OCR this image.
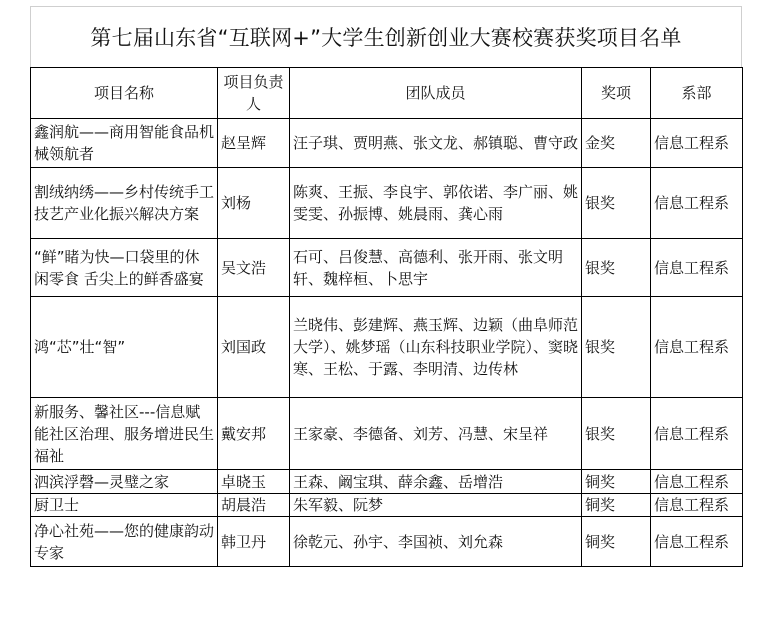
第七届山东省“互联网+”大学生创新创业大赛校赛获奖项目名单
项目名称	项目负责人	团队成员	奖项	系部
鑫润航——商用智能食品机械领航者	赵呈辉	汪子琪、贾明燕、张文龙、郝镇聪、曹守政	金奖	信息工程系
割绒纳绣——乡村传统手工技艺产业化振兴解决方案	刘杨	陈爽、王振、李良宇、郭依诺、李广丽、姚雯雯、孙振博、姚晨雨、龚心雨	银奖	信息工程系
“鲜”睹为快—口袋里的休闲零食 舌尖上的鲜香盛宴	吴文浩	石可、吕俊慧、高德利、张开雨、张文明轩、魏梓桓、卜思宇	银奖	信息工程系
鸿“芯”壮“智”	刘国政	兰晓伟、彭建辉、燕玉辉、边颖（曲阜师范大学）、姚梦瑶（山东科技职业学院）、窦晓寒、王松、于露、李明清、边传林	银奖	信息工程系
新服务、馨社区---信息赋能社区治理、服务增进民生福祉	戴安邦	王家豪、李德备、刘芳、冯慧、宋呈祥	银奖	信息工程系
泗滨浮磬—灵璧之家	卓晓玉	王森、阚宝琪、薛余鑫、岳增浩	铜奖	信息工程系
厨卫士	胡晨浩	朱军毅、阮梦	铜奖	信息工程系
净心社苑——您的健康韵动专家	韩卫丹	徐乾元、孙宇、李国祯、刘允森	铜奖	信息工程系
